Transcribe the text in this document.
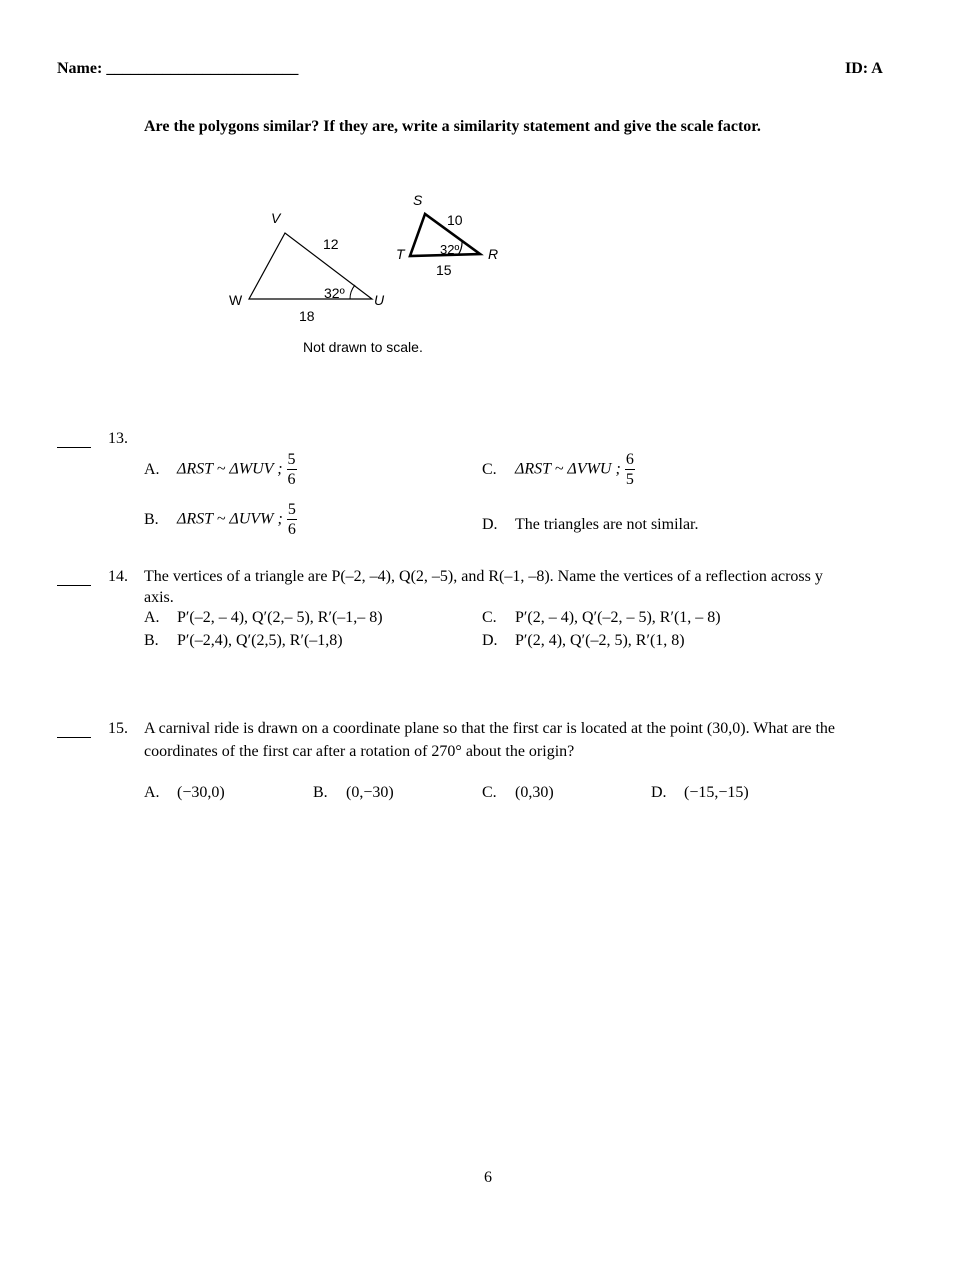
Name: ________________________	ID: A
Are the polygons similar? If they are, write a similarity statement and give the scale factor.
V
W	U
12
32º
18
S
T	R
10
32º
15
Not drawn to scale.
13.
A. ΔRST ~ ΔWUV ; $\frac{5}{6}$	C. ΔRST ~ ΔVWU ; $\frac{6}{5}$
B. ΔRST ~ ΔUVW ; $\frac{5}{6}$	D. The triangles are not similar.
14. The vertices of a triangle are P(–2, –4), Q(2, –5), and R(–1, –8). Name the vertices of a reflection across y
axis.
A. P′(–2, – 4), Q′(2,– 5), R′(–1,– 8)	C. P′(2, – 4), Q′(–2, – 5), R′(1, – 8)
B. P′(–2,4), Q′(2,5), R′(–1,8)	D. P′(2, 4), Q′(–2, 5), R′(1, 8)
15. A carnival ride is drawn on a coordinate plane so that the first car is located at the point (30,0). What are the
coordinates of the first car after a rotation of 270° about the origin?
A. (−30,0)	B. (0,−30)	C. (0,30)	D. (−15,−15)
6
